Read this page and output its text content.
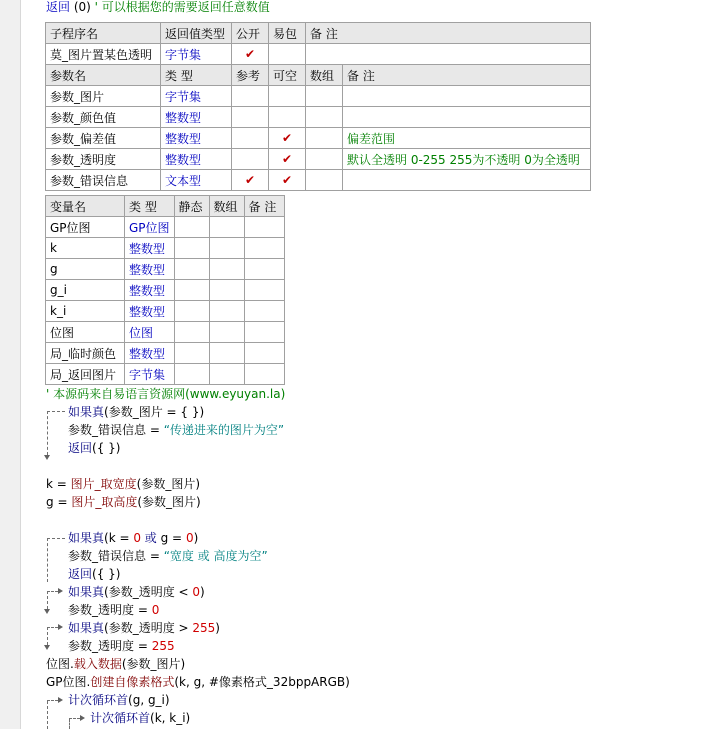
返回 (0) ' 可以根据您的需要返回任意数值
子程序名	返回值类型	公开	易包	备 注	
莫_图片置某色透明	字节集	✔			
参数名	类 型	参考	可空	数组	备 注
参数_图片	字节集				
参数_颜色值	整数型				
参数_偏差值	整数型		✔		偏差范围
参数_透明度	整数型		✔		默认全透明 0-255 255为不透明 0为全透明
参数_错误信息	文本型	✔	✔		
变量名	类 型	静态	数组	备 注
GP位图	GP位图			
k	整数型			
g	整数型			
g_i	整数型			
k_i	整数型			
位图	位图			
局_临时颜色	整数型			
局_返回图片	字节集			
' 本源码来自易语言资源网(www.eyuyan.la)
如果真(参数_图片 = { })
参数_错误信息 = “传递进来的图片为空”
返回({ })
k = 图片_取宽度(参数_图片)
g = 图片_取高度(参数_图片)
如果真(k = 0 或 g = 0)
参数_错误信息 = “宽度 或 高度为空”
返回({ })
如果真(参数_透明度 < 0)
参数_透明度 = 0
如果真(参数_透明度 > 255)
参数_透明度 = 255
位图.载入数据(参数_图片)
GP位图.创建自像素格式(k, g, #像素格式_32bppARGB)
计次循环首(g, g_i)
计次循环首(k, k_i)
